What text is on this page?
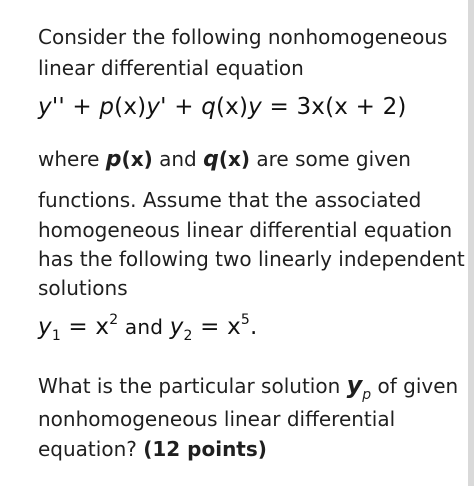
Consider the following nonhomogeneous
linear differential equation
y'' + p(x)y' + q(x)y = 3x(x + 2)
where p(x) and q(x) are some given
functions. Assume that the associated
homogeneous linear differential equation
has the following two linearly independent
solutions
$y_1 = x^2$ and $y_2 = x^5$.
What is the particular solution $y_p$ of given
nonhomogeneous linear differential
equation? (12 points)
